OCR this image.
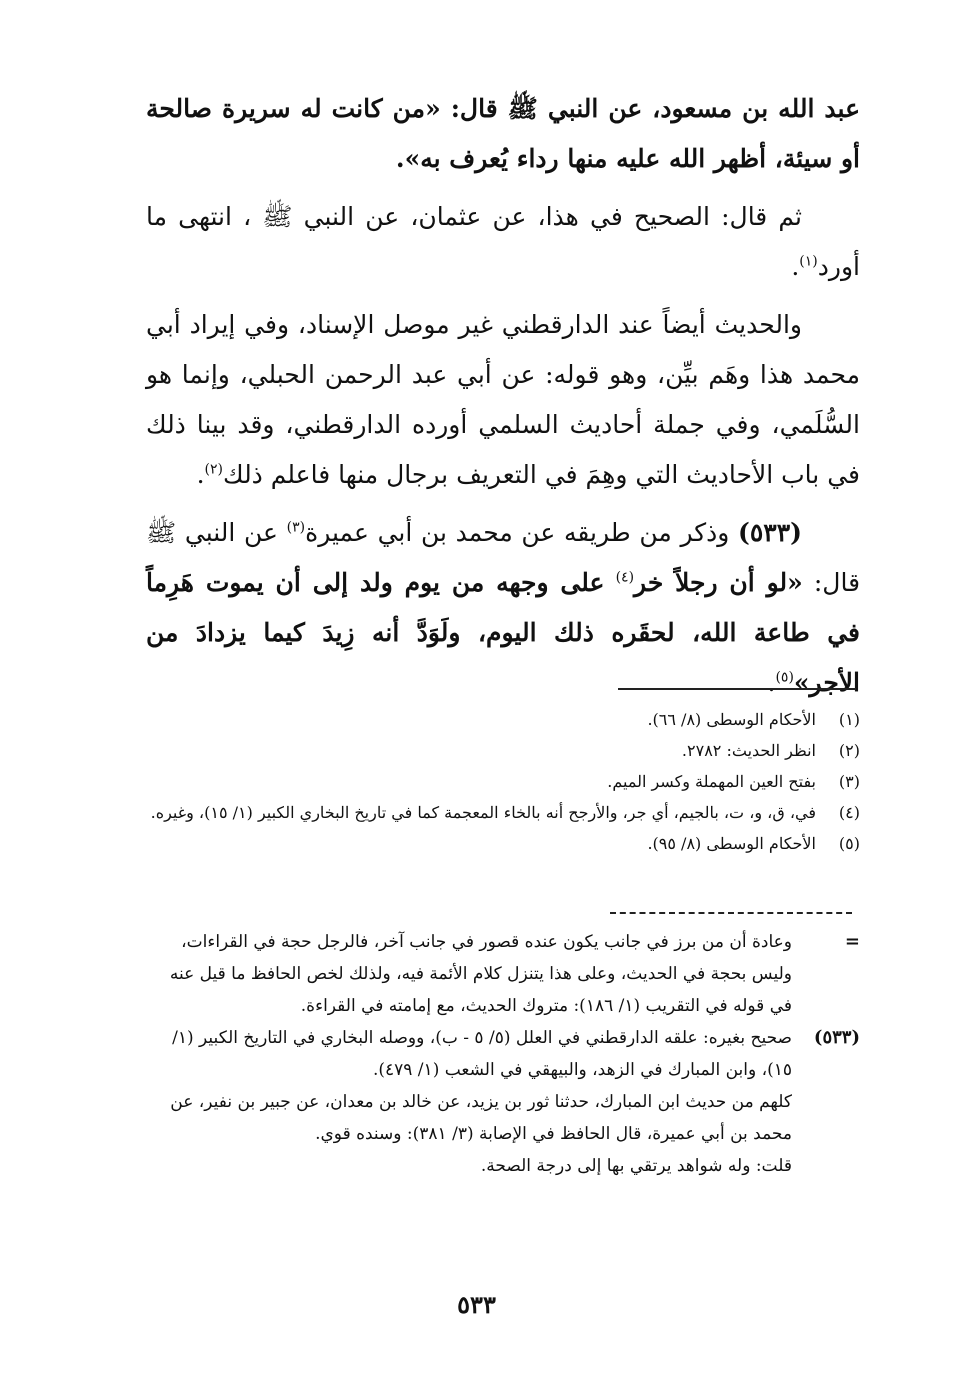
عبد الله بن مسعود، عن النبي ﷺ قال: «من كانت له سريرة صالحة أو سيئة، أظهر الله عليه منها رداء يُعرف به».

ثم قال: الصحيح في هذا، عن عثمان، عن النبي ﷺ ، انتهى ما أورد$^{(١)}$.

والحديث أيضاً عند الدارقطني غير موصل الإسناد، وفي إيراد أبي محمد هذا وهَم بيِّن، وهو قوله: عن أبي عبد الرحمن الحبلي، وإنما هو السُّلَمي، وفي جملة أحاديث السلمي أورده الدارقطني، وقد بينا ذلك في باب الأحاديث التي وهِمَ في التعريف برجال منها فاعلم ذلك$^{(٢)}$.

(٥٣٣) وذكر من طريقه عن محمد بن أبي عميرة$^{(٣)}$ عن النبي ﷺ قال: «لو أن رجلاً خر$^{(٤)}$ على وجهه من يوم ولد إلى أن يموت هَرِماً في طاعة الله، لحقَره ذلك اليوم، ولَوَدَّ أنه زِيدَ كيما يزدادَ من الأجر»$^{(٥)}$.

(١)
الأحكام الوسطى (٨/ ٦٦).
(٢)
انظر الحديث: ٢٧٨٢.
(٣)
بفتح العين المهملة وكسر الميم.
(٤)
في، ق، و، ت، بالجيم، أي جر، والأرجح أنه بالخاء المعجمة كما في تاريخ البخاري الكبير (١/ ١٥)، وغيره.
(٥)
الأحكام الوسطى (٨/ ٩٥).
=
وعادة أن من برز في جانب يكون عنده قصور في جانب آخر، فالرجل حجة في القراءات، وليس بحجة في الحديث، وعلى هذا يتنزل كلام الأئمة فيه، ولذلك لخص الحافظ ما قيل عنه في قوله في التقريب (١/ ١٨٦): متروك الحديث، مع إمامته في القراءة.
(٥٣٣)
صحيح بغيره: علقه الدارقطني في العلل (٥/ ٥ - ب)، ووصله البخاري في التاريخ الكبير (١/ ١٥)، وابن المبارك في الزهد، والبيهقي في الشعب (١/ ٤٧٩).
كلهم من حديث ابن المبارك، حدثنا ثور بن يزيد، عن خالد بن معدان، عن جبير بن نفير، عن محمد بن أبي عميرة، قال الحافظ في الإصابة (٣/ ٣٨١): وسنده قوي.
قلت: وله شواهد يرتقي بها إلى درجة الصحة.
٥٣٣
